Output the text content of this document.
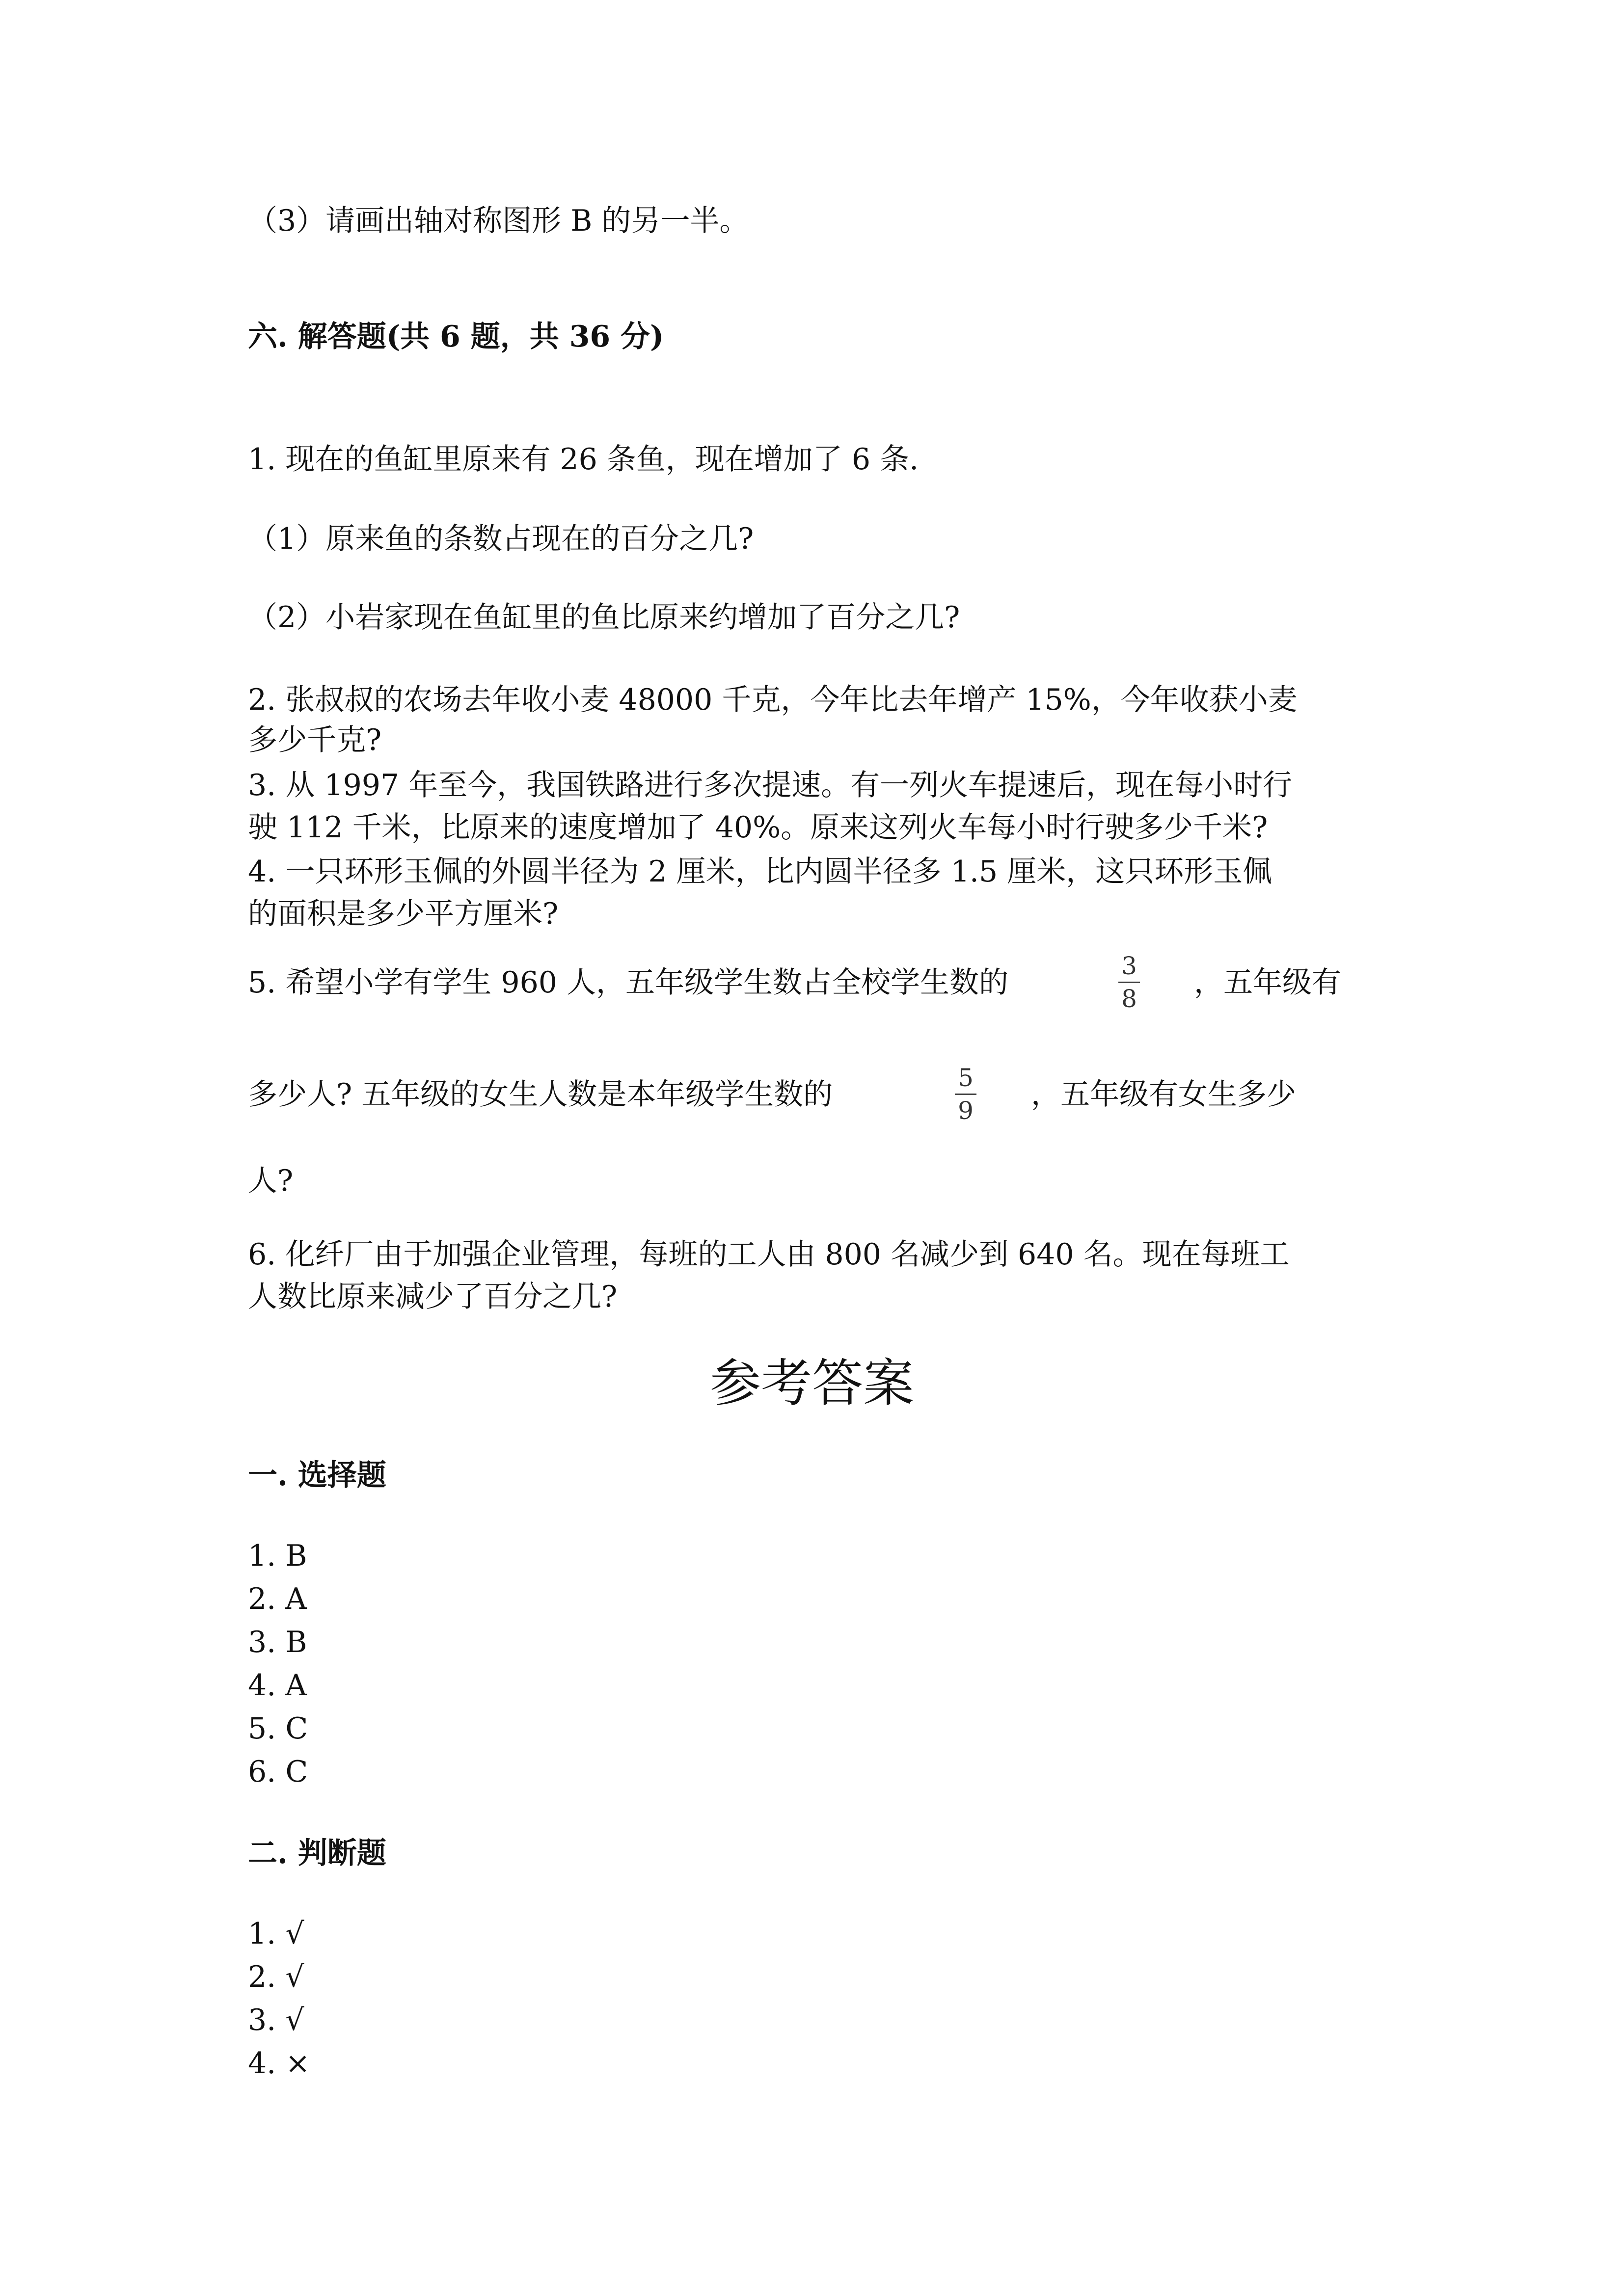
（3）请画出轴对称图形 B 的另一半。
六. 解答题(共 6 题，共 36 分)
1. 现在的鱼缸里原来有 26 条鱼，现在增加了 6 条.
（1）原来鱼的条数占现在的百分之几?
（2）小岩家现在鱼缸里的鱼比原来约增加了百分之几?
2. 张叔叔的农场去年收小麦 48000 千克，今年比去年增产 15%，今年收获小麦
多少千克?
3. 从 1997 年至今，我国铁路进行多次提速。有一列火车提速后，现在每小时行
驶 112 千米，比原来的速度增加了 40%。原来这列火车每小时行驶多少千米?
4. 一只环形玉佩的外圆半径为 2 厘米，比内圆半径多 1.5 厘米，这只环形玉佩
的面积是多少平方厘米?
5. 希望小学有学生 960 人，五年级学生数占全校学生数的	3
8 ，五年级有
多少人? 五年级的女生人数是本年级学生数的	5
9 ，五年级有女生多少
人?
6. 化纤厂由于加强企业管理，每班的工人由 800 名减少到 640 名。现在每班工
人数比原来减少了百分之几?
参考答案
一. 选择题
1. B
2. A
3. B
4. A
5. C
6. C
二. 判断题
1. √
2. √
3. √
4. ×
